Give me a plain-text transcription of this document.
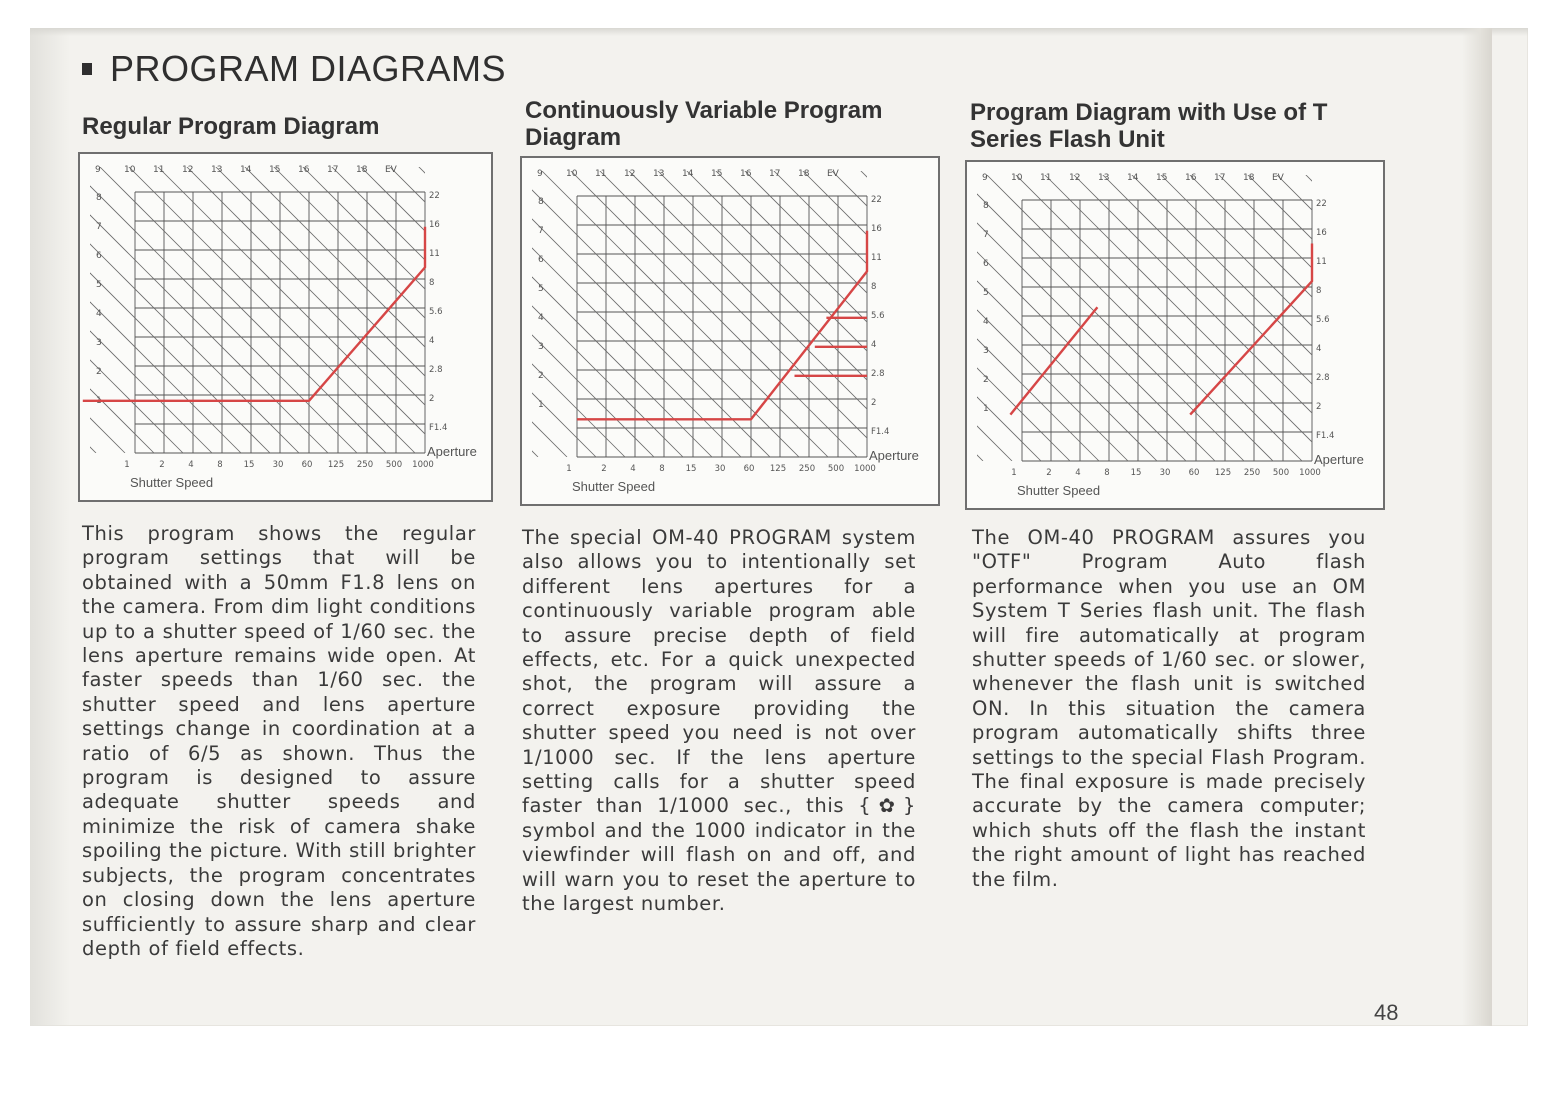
PROGRAM DIAGRAMS
Regular Program Diagram
9	10 11 12 13 14 15 16 17 18 EV
8
7
6
5
4
3
2
1
1	2	4	8 15 30 60 125 250 500 1000
22
16
11
8
5.6
4
2.8
2
F1.4
Aperture
Shutter Speed
This program shows the regular program settings that will be obtained with a 50mm F1.8 lens on the camera. From dim light conditions up to a shutter speed of 1/60 sec. the lens aperture remains wide open. At faster speeds than 1/60 sec. the shutter speed and lens aperture settings change in coordination at a ratio of 6/5 as shown. Thus the program is designed to assure adequate shutter speeds and minimize the risk of camera shake spoiling the picture. With still brighter subjects, the program concentrates on closing down the lens aperture sufficiently to assure sharp and clear depth of field effects.
Continuously Variable Program Diagram
9	10 11 12 13 14 15 16 17 18 EV
8
7
6
5
4
3
2
1
1	2	4	8 15 30 60 125 250 500 1000
22
16
11
8
5.6
4
2.8
2
F1.4
Aperture
Shutter Speed
The special OM-40 PROGRAM system also allows you to intentionally set different lens apertures for a continuously variable program able to assure precise depth of field effects, etc. For a quick unexpected shot, the program will assure a correct exposure providing the shutter speed you need is not over 1/1000 sec. If the lens aperture setting calls for a shutter speed faster than 1/1000 sec., this {✿} symbol and the 1000 indicator in the viewfinder will flash on and off, and will warn you to reset the aperture to the largest number.
Program Diagram with Use of T Series Flash Unit
9	10 11 12 13 14 15 16 17 18 EV
8
7
6
5
4
3
2
1
1	2	4	8 15 30 60 125 250 500 1000
22
16
11
8
5.6
4
2.8
2
F1.4
Aperture
Shutter Speed
The OM-40 PROGRAM assures you "OTF" Program Auto flash performance when you use an OM System T Series flash unit. The flash will fire automatically at program shutter speeds of 1/60 sec. or slower, whenever the flash unit is switched ON. In this situation the camera program automatically shifts three settings to the special Flash Program. The final exposure is made precisely accurate by the camera computer; which shuts off the flash the instant the right amount of light has reached the film.
48
